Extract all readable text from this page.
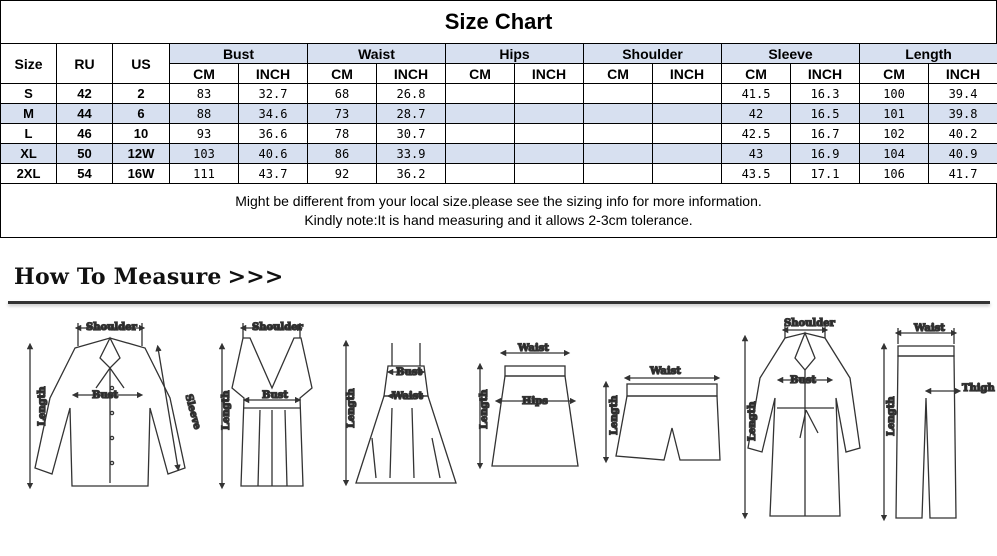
Size Chart
Size	RU	US	Bust		Waist		Hips		Shoulder		Sleeve		Length	
			CM	INCH	CM	INCH	CM	INCH	CM	INCH	CM	INCH	CM	INCH
S	42	2	83	32.7	68	26.8					41.5	16.3	100	39.4
M	44	6	88	34.6	73	28.7					42	16.5	101	39.8
L	46	10	93	36.6	78	30.7					42.5	16.7	102	40.2
XL	50	12W	103	40.6	86	33.9					43	16.9	104	40.9
2XL	54	16W	111	43.7	92	36.2					43.5	17.1	106	41.7
Might be different from your local size.please see the sizing info for more information.
Kindly note:It is hand measuring and it allows 2-3cm tolerance.
How To Measure >>>
Shoulder
Bust
Length	Sleeve
Shoulder
Bust
Length
Bust
Waist
Length
Waist
Hips
Length
Waist
Length
Shoulder
Bust
Length
Waist
Thigh
Length
